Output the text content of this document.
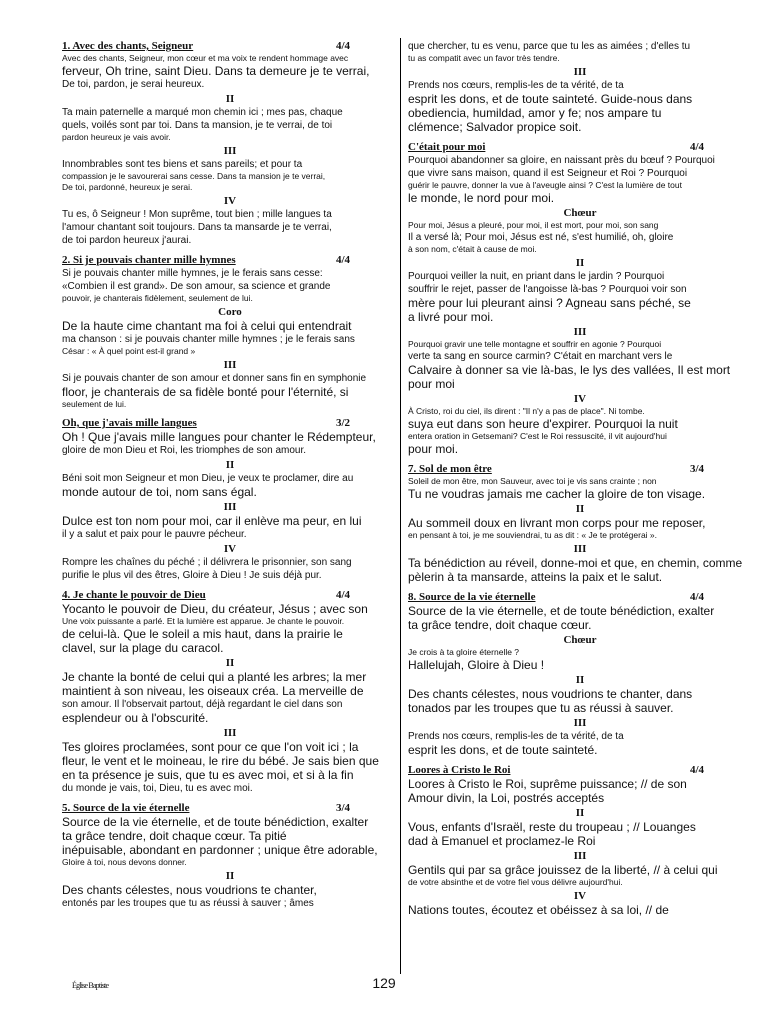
1. Avec des chants, Seigneur	4/4
Avec des chants, Seigneur, mon cœur et ma voix te rendent hommage avec
ferveur, Oh trine, saint Dieu. Dans ta demeure je te verrai,
De toi, pardon, je serai heureux.
II
Ta main paternelle a marqué mon chemin ici ; mes pas, chaque
quels, voilés sont par toi. Dans ta mansion, je te verrai, de toi
pardon heureux je vais avoir.
III
Innombrables sont tes biens et sans pareils; et pour ta
compassion je le savourerai sans cesse. Dans ta mansion je te verrai,
De toi, pardonné, heureux je serai.
IV
Tu es, ô Seigneur ! Mon suprême, tout bien ; mille langues ta
l'amour chantant soit toujours. Dans ta mansarde je te verrai,
de toi pardon heureux j'aurai.
2. Si je pouvais chanter mille hymnes	4/4
Si je pouvais chanter mille hymnes, je le ferais sans cesse:
«Combien il est grand». De son amour, sa science et grande
pouvoir, je chanterais fidèlement, seulement de lui.
Coro
De la haute cime chantant ma foi à celui qui entendrait
ma chanson : si je pouvais chanter mille hymnes ; je le ferais sans
César : « À quel point est-il grand »
III
Si je pouvais chanter de son amour et donner sans fin en symphonie
floor, je chanterais de sa fidèle bonté pour l'éternité, si
seulement de lui.
Oh, que j'avais mille langues	3/2
Oh ! Que j'avais mille langues pour chanter le Rédempteur,
gloire de mon Dieu et Roi, les triomphes de son amour.
II
Béni soit mon Seigneur et mon Dieu, je veux te proclamer, dire au
monde autour de toi, nom sans égal.
III
Dulce est ton nom pour moi, car il enlève ma peur, en lui
il y a salut et paix pour le pauvre pécheur.
IV
Rompre les chaînes du péché ; il délivrera le prisonnier, son sang
purifie le plus vil des êtres, Gloire à Dieu ! Je suis déjà pur.
4. Je chante le pouvoir de Dieu	4/4
Yocanto le pouvoir de Dieu, du créateur, Jésus ; avec son
Une voix puissante a parlé. Et la lumière est apparue. Je chante le pouvoir.
de celui-là. Que le soleil a mis haut, dans la prairie le
clavel, sur la plage du caracol.
II
Je chante la bonté de celui qui a planté les arbres; la mer
maintient à son niveau, les oiseaux créa. La merveille de
son amour. Il l'observait partout, déjà regardant le ciel dans son
esplendeur ou à l'obscurité.
III
Tes gloires proclamées, sont pour ce que l'on voit ici ; la
fleur, le vent et le moineau, le rire du bébé. Je sais bien que
en ta présence je suis, que tu es avec moi, et si à la fin
du monde je vais, toi, Dieu, tu es avec moi.
5. Source de la vie éternelle	3/4
Source de la vie éternelle, et de toute bénédiction, exalter
ta grâce tendre, doit chaque cœur. Ta pitié
inépuisable, abondant en pardonner ; unique être adorable,
Gloire à toi, nous devons donner.
II
Des chants célestes, nous voudrions te chanter,
entonés par les troupes que tu as réussi à sauver ; âmes
que chercher, tu es venu, parce que tu les as aimées ; d'elles tu
tu as compatit avec un favor très tendre.
III
Prends nos cœurs, remplis-les de ta vérité, de ta
esprit les dons, et de toute sainteté. Guide-nous dans
obediencia, humildad, amor y fe; nos ampare tu
clémence; Salvador propice soit.
C'était pour moi	4/4
Pourquoi abandonner sa gloire, en naissant près du bœuf ? Pourquoi
que vivre sans maison, quand il est Seigneur et Roi ? Pourquoi
guérir le pauvre, donner la vue à l'aveugle ainsi ? C'est la lumière de tout
le monde, le nord pour moi.
Chœur
Pour moi, Jésus a pleuré, pour moi, il est mort, pour moi, son sang
Il a versé là; Pour moi, Jésus est né, s'est humilié, oh, gloire
à son nom, c'était à cause de moi.
II
Pourquoi veiller la nuit, en priant dans le jardin ? Pourquoi
souffrir le rejet, passer de l'angoisse là-bas ? Pourquoi voir son
mère pour lui pleurant ainsi ? Agneau sans péché, se
a livré pour moi.
III
Pourquoi gravir une telle montagne et souffrir en agonie ? Pourquoi
verte ta sang en source carmin? C'était en marchant vers le
Calvaire à donner sa vie là-bas, le lys des vallées, Il est mort
pour moi
IV
À Cristo, roi du ciel, ils dirent : "Il n'y a pas de place". Ni tombe.
suya eut dans son heure d'expirer. Pourquoi la nuit
entera oration in Getsemani? C'est le Roi ressuscité, il vit aujourd'hui
pour moi.
7. Sol de mon être	3/4
Soleil de mon être, mon Sauveur, avec toi je vis sans crainte ; non
Tu ne voudras jamais me cacher la gloire de ton visage.
II
Au sommeil doux en livrant mon corps pour me reposer,
en pensant à toi, je me souviendrai, tu as dit : « Je te protégerai ».
III
Ta bénédiction au réveil, donne-moi et que, en chemin, comme
pèlerin à ta mansarde, atteins la paix et le salut.
8. Source de la vie éternelle	4/4
Source de la vie éternelle, et de toute bénédiction, exalter
ta grâce tendre, doit chaque cœur.
Chœur
Je crois à ta gloire éternelle ?
Hallelujah, Gloire à Dieu !
II
Des chants célestes, nous voudrions te chanter, dans
tonados par les troupes que tu as réussi à sauver.
III
Prends nos cœurs, remplis-les de ta vérité, de ta
esprit les dons, et de toute sainteté.
Loores à Cristo le Roi	4/4
Loores à Cristo le Roi, suprême puissance; // de son
Amour divin, la Loi, postrés acceptés
II
Vous, enfants d'Israël, reste du troupeau ; // Louanges
dad à Emanuel et proclamez-le Roi
III
Gentils qui par sa grâce jouissez de la liberté, // à celui qui
de votre absinthe et de votre fiel vous délivre aujourd'hui.
IV
Nations toutes, écoutez et obéissez à sa loi, // de
Église Baptiste	129
